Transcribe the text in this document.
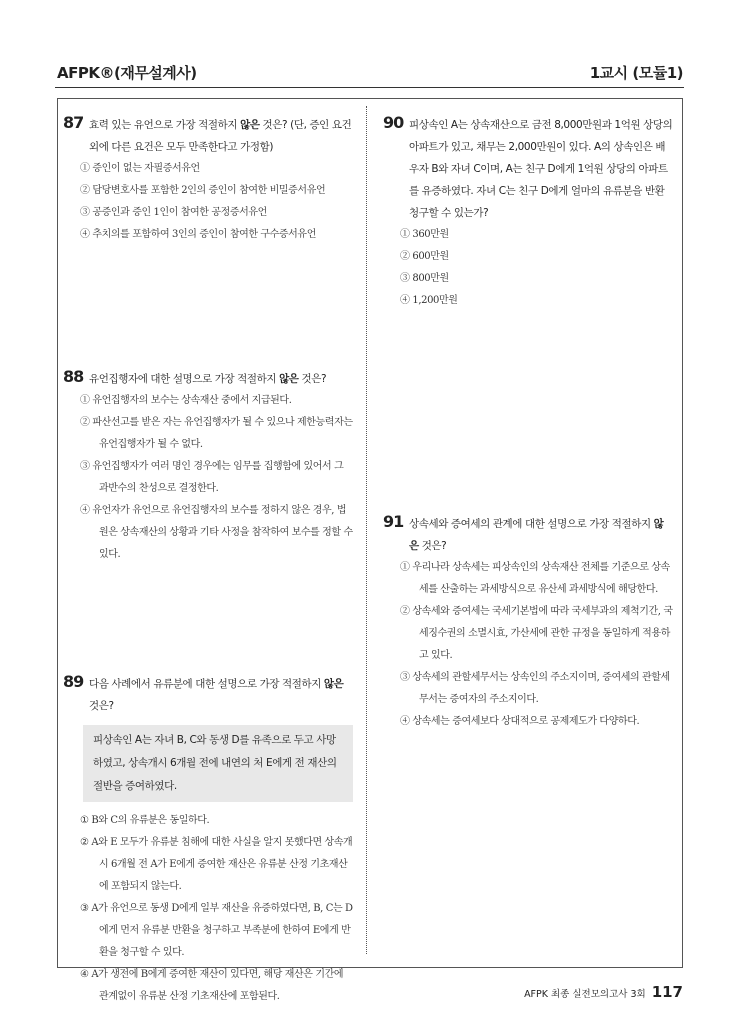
AFPK®(재무설계사)	1교시 (모듈1)
87 효력 있는 유언으로 가장 적절하지 않은 것은? (단, 증인 요건 외에 다른 요건은 모두 만족한다고 가정함)
① 증인이 없는 자필증서유언
② 담당변호사를 포함한 2인의 증인이 참여한 비밀증서유언
③ 공증인과 증인 1인이 참여한 공정증서유언
④ 추치의를 포함하여 3인의 증인이 참여한 구수증서유언
88 유언집행자에 대한 설명으로 가장 적절하지 않은 것은?
① 유언집행자의 보수는 상속재산 중에서 지급된다.
② 파산선고를 받은 자는 유언집행자가 될 수 있으나 제한능력자는 유언집행자가 될 수 없다.
③ 유언집행자가 여러 명인 경우에는 임무를 집행함에 있어서 그 과반수의 찬성으로 결정한다.
④ 유언자가 유언으로 유언집행자의 보수를 정하지 않은 경우, 법원은 상속재산의 상황과 기타 사정을 참작하여 보수를 정할 수 있다.
89 다음 사례에서 유류분에 대한 설명으로 가장 적절하지 않은 것은?
피상속인 A는 자녀 B, C와 동생 D를 유족으로 두고 사망하였고, 상속개시 6개월 전에 내연의 처 E에게 전 재산의 절반을 증여하였다.
① B와 C의 유류분은 동일하다.
② A와 E 모두가 유류분 침해에 대한 사실을 알지 못했다면 상속개시 6개월 전 A가 E에게 증여한 재산은 유류분 산정 기초재산에 포함되지 않는다.
③ A가 유언으로 동생 D에게 일부 재산을 유증하였다면, B, C는 D에게 먼저 유류분 반환을 청구하고 부족분에 한하여 E에게 반환을 청구할 수 있다.
④ A가 생전에 B에게 증여한 재산이 있다면, 해당 재산은 기간에 관계없이 유류분 산정 기초재산에 포함된다.
90 피상속인 A는 상속재산으로 금전 8,000만원과 1억원 상당의 아파트가 있고, 채무는 2,000만원이 있다. A의 상속인은 배우자 B와 자녀 C이며, A는 친구 D에게 1억원 상당의 아파트를 유증하였다. 자녀 C는 친구 D에게 얼마의 유류분을 반환청구할 수 있는가?
① 360만원
② 600만원
③ 800만원
④ 1,200만원
91 상속세와 증여세의 관계에 대한 설명으로 가장 적절하지 않은 것은?
① 우리나라 상속세는 피상속인의 상속재산 전체를 기준으로 상속세를 산출하는 과세방식으로 유산세 과세방식에 해당한다.
② 상속세와 증여세는 국세기본법에 따라 국세부과의 제척기간, 국세징수권의 소멸시효, 가산세에 관한 규정을 동일하게 적용하고 있다.
③ 상속세의 관할세무서는 상속인의 주소지이며, 증여세의 관할세무서는 증여자의 주소지이다.
④ 상속세는 증여세보다 상대적으로 공제제도가 다양하다.
AFPK 최종 실전모의고사 3회 117
